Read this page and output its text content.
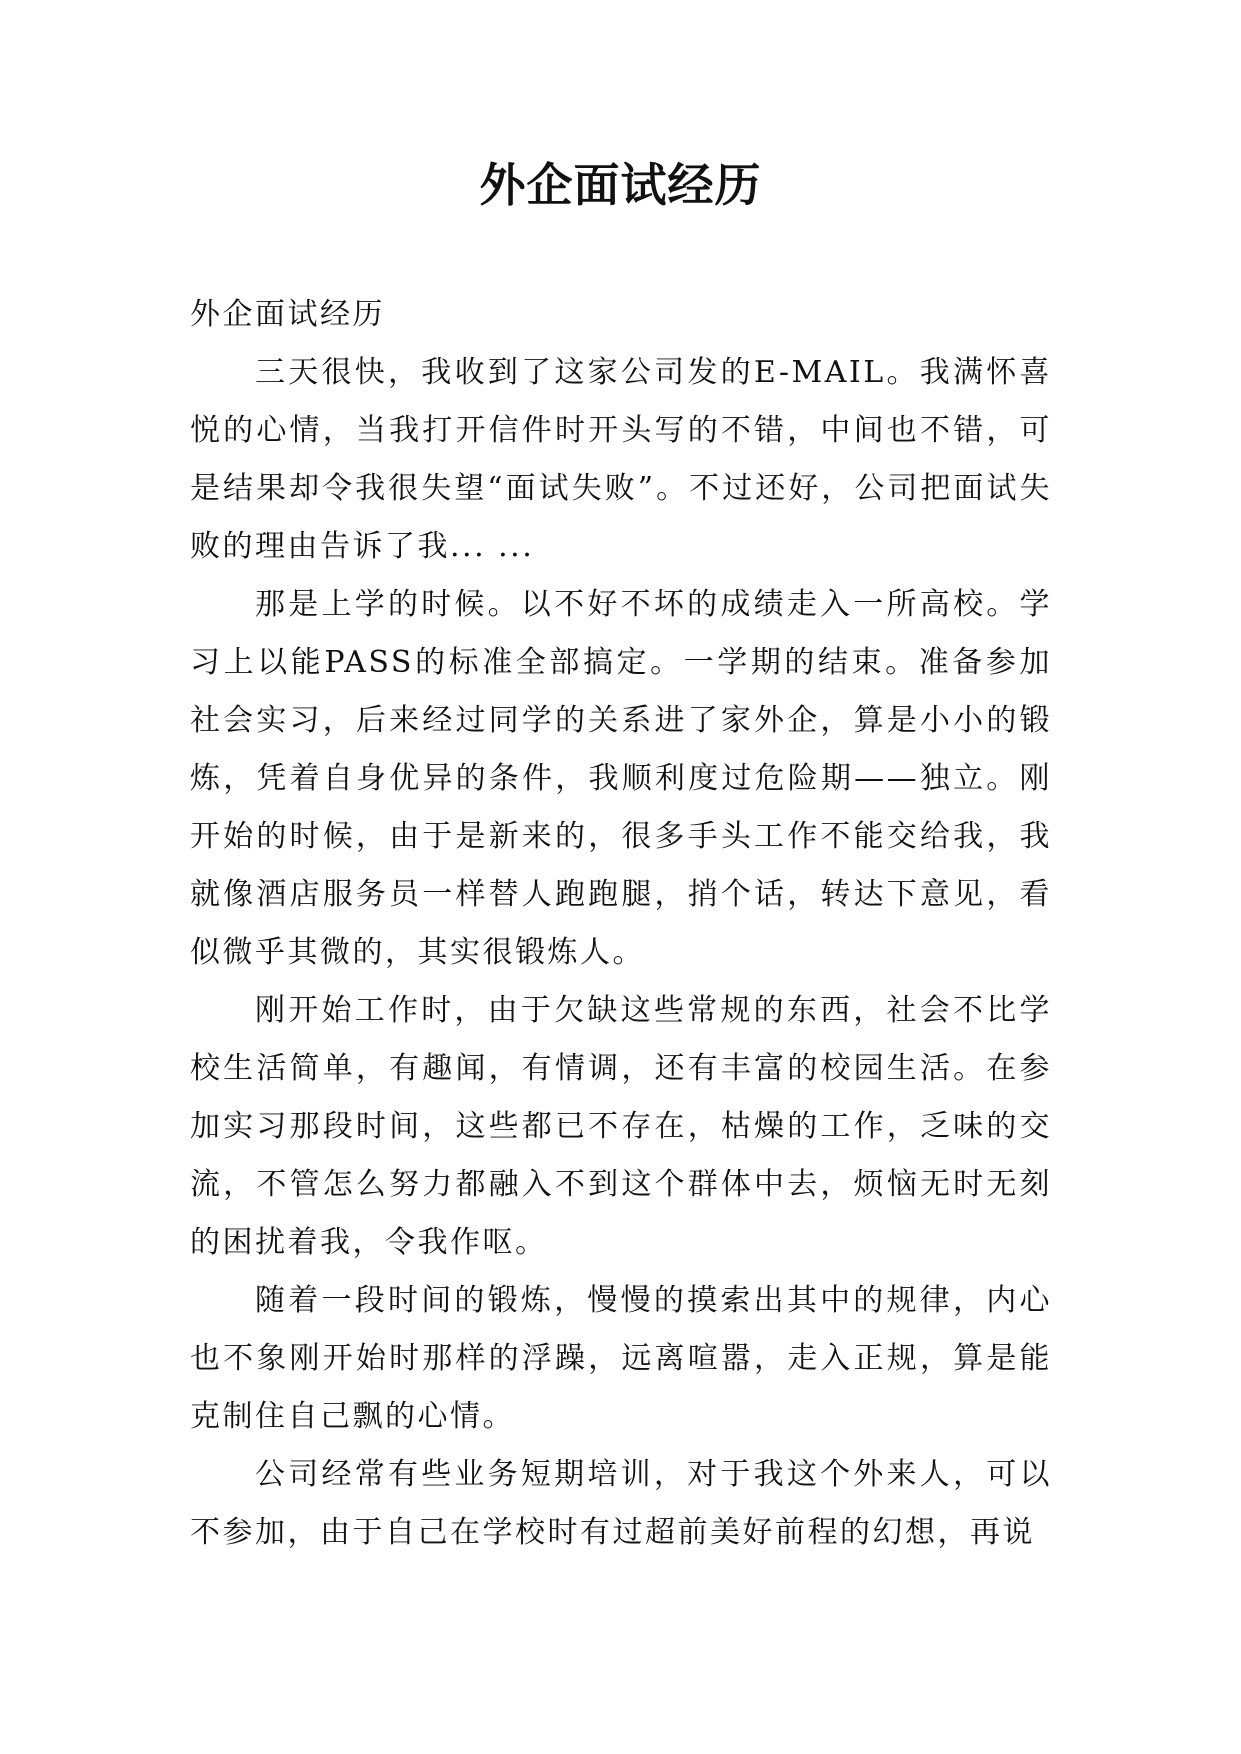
外企面试经历

外企面试经历

三天很快，我收到了这家公司发的E-MAIL。我满怀喜悦的心情，当我打开信件时开头写的不错，中间也不错，可是结果却令我很失望“面试失败”。不过还好，公司把面试失败的理由告诉了我... ...

那是上学的时候。以不好不坏的成绩走入一所高校。学习上以能PASS的标准全部搞定。一学期的结束。准备参加社会实习，后来经过同学的关系进了家外企，算是小小的锻炼，凭着自身优异的条件，我顺利度过危险期——独立。刚开始的时候，由于是新来的，很多手头工作不能交给我，我就像酒店服务员一样替人跑跑腿，捎个话，转达下意见，看似微乎其微的，其实很锻炼人。

刚开始工作时，由于欠缺这些常规的东西，社会不比学校生活简单，有趣闻，有情调，还有丰富的校园生活。在参加实习那段时间，这些都已不存在，枯燥的工作，乏味的交流，不管怎么努力都融入不到这个群体中去，烦恼无时无刻的困扰着我，令我作呕。

随着一段时间的锻炼，慢慢的摸索出其中的规律，内心也不象刚开始时那样的浮躁，远离喧嚣，走入正规，算是能克制住自己飘的心情。

公司经常有些业务短期培训，对于我这个外来人，可以不参加，由于自己在学校时有过超前美好前程的幻想，再说
